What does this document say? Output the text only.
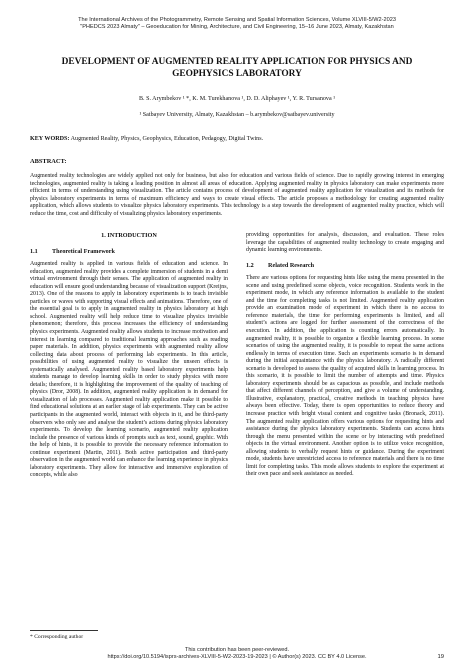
The International Archives of the Photogrammetry, Remote Sensing and Spatial Information Sciences, Volume XLVIII-5/W2-2023
"PHEDCS 2023 Almaty" – Geoeducation for Mining, Architecture, and Civil Engineering, 15–16 June 2023, Almaty, Kazakhstan
DEVELOPMENT OF AUGMENTED REALITY APPLICATION FOR PHYSICS AND
GEOPHYSICS LABORATORY
B. S. Arymbekov ¹ *, K. M. Turekhanova ¹, D. D. Aliphayev ¹, Y. R. Tursanova ¹
¹ Satbayev University, Almaty, Kazakhstan – b.arymbekov@satbayev.university
KEY WORDS: Augmented Reality, Physics, Geophysics, Education, Pedagogy, Digital Twins.
ABSTRACT:
Augmented reality technologies are widely applied not only for business, but also for education and various fields of science. Due to rapidly growing interest in emerging technologies, augmented reality is taking a leading position in almost all areas of education. Applying augmented reality in physics laboratory can make experiments more efficient in terms of understanding using visualization. The article contains process of development of augmented reality application for visualization and its methods for physics laboratory experiments in terms of maximum efficiency and ways to create visual effects. The article proposes a methodology for creating augmented reality application, which allows students to visualize physics laboratory experiments. This technology is a step towards the development of augmented reality practice, which will reduce the time, cost and difficulty of visualizing physics laboratory experiments.
1. INTRODUCTION
1.1 Theoretical Framework

Augmented reality is applied in various fields of education and science. In education, augmented reality provides a complete immersion of students in a demi virtual environment through their senses. The application of augmented reality in education will ensure good understanding because of visualization support (Kreijns, 2013). One of the reasons to apply in laboratory experiments is to teach invisible particles or waves with supporting visual effects and animations. Therefore, one of the essential goal is to apply in augmented reality in physics laboratory at high school. Augmented reality will help reduce time to visualize physics invisible phenomenon; therefore, this process increases the efficiency of understanding physics experiments. Augmented reality allows students to increase motivation and interest in learning compared to traditional learning approaches such as reading paper materials. In addition, physics experiments with augmented reality allow collecting data about process of performing lab experiments. In this article, possibilities of using augmented reality to visualize the unseen effects is systematically analysed. Augmented reality based laboratory experiments help students manage to develop learning skills in order to study physics with more details; therefore, it is highlighting the improvement of the quality of teaching of physics (Dror, 2008). In addition, augmented reality application is in demand for visualization of lab processes. Augmented reality application make it possible to find educational solutions at an earlier stage of lab experiments. They can be active participants in the augmented world, interact with objects in it, and be third-party observers who only see and analyse the student’s actions during physics laboratory experiments. To develop the learning scenario, augmented reality application include the presence of various kinds of prompts such as text, sound, graphic. With the help of hints, it is possible to provide the necessary reference information to continue experiment (Martin, 2011). Both active participation and third-party observation in the augmented world can enhance the learning experience in physics laboratory experiments. They allow for interactive and immersive exploration of concepts, while also

providing opportunities for analysis, discussion, and evaluation. These roles leverage the capabilities of augmented reality technology to create engaging and dynamic learning environments.

1.2 Related Research

There are various options for requesting hints like using the menu presented in the scene and using predefined scene objects, voice recognition. Students work in the experiment mode, in which any reference information is available to the student and the time for completing tasks is not limited. Augmented reality application provide an examination mode of experiment in which there is no access to reference materials, the time for performing experiments is limited, and all student’s actions are logged for further assessment of the correctness of the execution. In addition, the application is counting errors automatically. In augmented reality, it is possible to organize a flexible learning process. In some scenarios of using the augmented reality, it is possible to repeat the same actions endlessly in terms of execution time. Such an experiments scenario is in demand during the initial acquaintance with the physics laboratory. A radically different scenario is developed to assess the quality of acquired skills in learning process. In this scenario, it is possible to limit the number of attempts and time. Physics laboratory experiments should be as capacious as possible, and include methods that affect different channels of perception, and give a volume of understanding. Illustrative, explanatory, practical, creative methods in teaching physics have always been effective. Today, there is open opportunities to reduce theory and increase practice with bright visual content and cognitive tasks (Bronack, 2011). The augmented reality application offers various options for requesting hints and assistance during the physics laboratory experiments. Students can access hints through the menu presented within the scene or by interacting with predefined objects in the virtual environment. Another option is to utilize voice recognition, allowing students to verbally request hints or guidance. During the experiment mode, students have unrestricted access to reference materials and there is no time limit for completing tasks. This mode allows students to explore the experiment at their own pace and seek assistance as needed.

* Corresponding author
This contribution has been peer-reviewed.
https://doi.org/10.5194/isprs-archives-XLVIII-5-W2-2023-19-2023 | © Author(s) 2023. CC BY 4.0 License.	19
